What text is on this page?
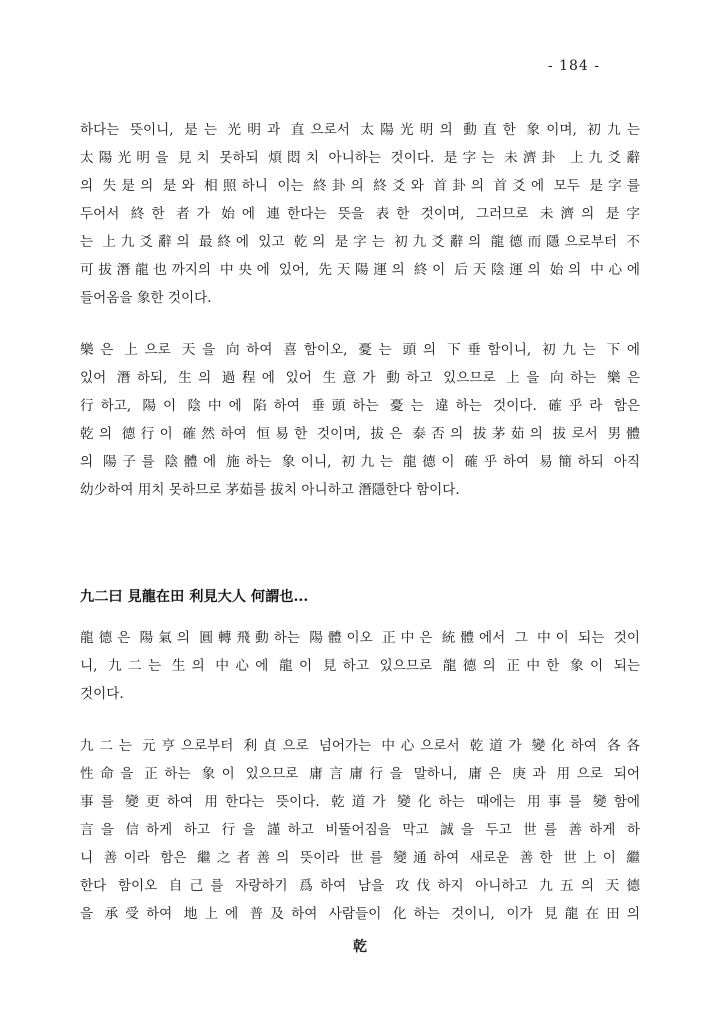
- 184 -
하다는 뜻이니, 是는 光明과 直으로서 太陽光明의 動直한 象이며, 初九는
太陽光明을 見치 못하되 煩悶치 아니하는 것이다. 是字는 未濟卦 上九爻辭
의 失是의 是와 相照하니 이는 終卦의 終爻와 首卦의 首爻에 모두 是字를
두어서 終한 者가 始에 連한다는 뜻을 表한 것이며, 그러므로 未濟의 是字
는 上九爻辭의 最終에 있고 乾의 是字는 初九爻辭의 龍德而隱으로부터 不
可拔潛龍也까지의 中央에 있어, 先天陽運의 終이 后天陰運의 始의 中心에
들어옴을 象한 것이다.
樂은 上으로 天을 向하여 喜함이오, 憂는 頭의 下垂함이니, 初九는 下에
있어 潛하되, 生의 過程에 있어 生意가 動하고 있으므로 上을 向하는 樂은
行하고, 陽이 陰中에 陷하여 垂頭하는 憂는 違하는 것이다. 確乎라 함은
乾의 德行이 確然하여 恒易한 것이며, 拔은 泰否의 拔茅茹의 拔로서 男體
의 陽子를 陰體에 施하는 象이니, 初九는 龍德이 確乎하여 易簡하되 아직
幼少하여 用치 못하므로 茅茹를 拔치 아니하고 潛隱한다 함이다.
九二曰 見龍在田 利見大人 何謂也...
龍德은 陽氣의 圓轉飛動하는 陽體이오 正中은 統體에서 그 中이 되는 것이
니, 九二는 生의 中心에 龍이 見하고 있으므로 龍德의 正中한 象이 되는
것이다.
九二는 元亨으로부터 利貞으로 넘어가는 中心으로서 乾道가 變化하여 各各
性命을 正하는 象이 있으므로 庸言庸行을 말하니, 庸은 庚과 用으로 되어
事를 變更하여 用한다는 뜻이다. 乾道가 變化하는 때에는 用事를 變함에
言을 信하게 하고 行을 謹하고 비뚤어짐을 막고 誠을 두고 世를 善하게 하
니 善이라 함은 繼之者善의 뜻이라 世를 變通하여 새로운 善한 世上이 繼
한다 함이오 自己를 자랑하기 爲하여 남을 攻伐하지 아니하고 九五의 天德
을 承受하여 地上에 普及하여 사람들이 化하는 것이니, 이가 見龍在田의
乾
